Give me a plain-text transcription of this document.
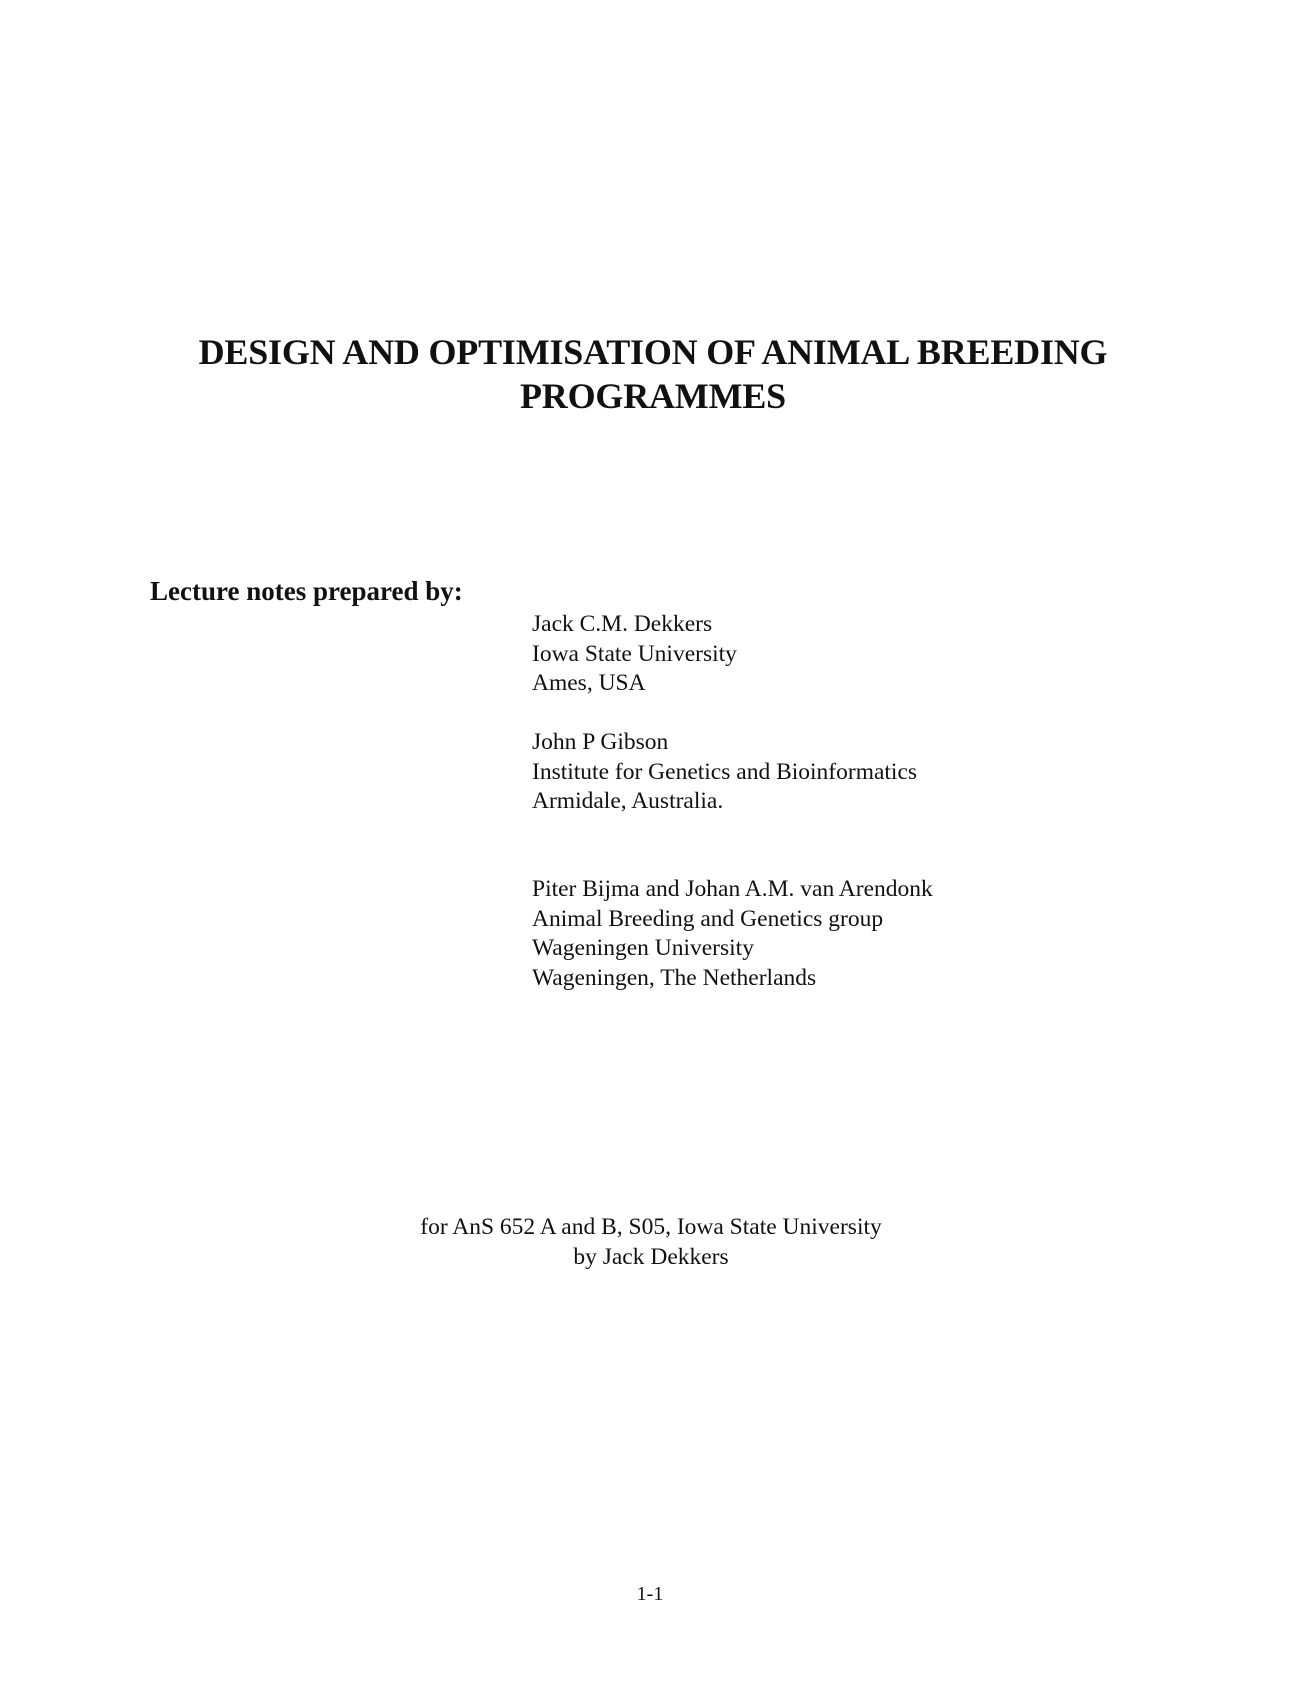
DESIGN AND OPTIMISATION OF ANIMAL BREEDING
PROGRAMMES
Lecture notes prepared by:
Jack C.M. Dekkers
Iowa State University
Ames, USA
John P Gibson
Institute for Genetics and Bioinformatics
Armidale, Australia.
Piter Bijma and Johan A.M. van Arendonk
Animal Breeding and Genetics group
Wageningen University
Wageningen, The Netherlands
for AnS 652 A and B, S05, Iowa State University
by Jack Dekkers
1-1
